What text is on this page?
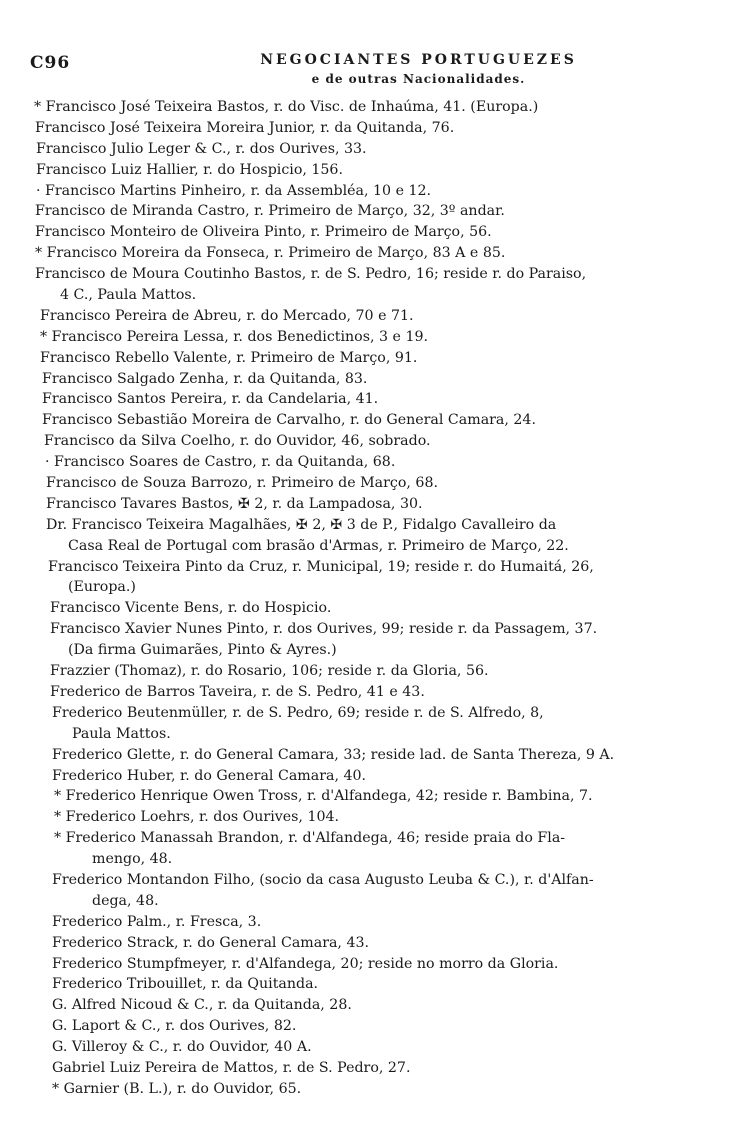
C96	NEGOCIANTES PORTUGUEZES
e de outras Nacionalidades.
* Francisco José Teixeira Bastos, r. do Visc. de Inhaúma, 41. (Europa.)
Francisco José Teixeira Moreira Junior, r. da Quitanda, 76.
Francisco Julio Leger & C., r. dos Ourives, 33.
Francisco Luiz Hallier, r. do Hospicio, 156.
· Francisco Martins Pinheiro, r. da Assembléa, 10 e 12.
Francisco de Miranda Castro, r. Primeiro de Março, 32, 3º andar.
Francisco Monteiro de Oliveira Pinto, r. Primeiro de Março, 56.
* Francisco Moreira da Fonseca, r. Primeiro de Março, 83 A e 85.
Francisco de Moura Coutinho Bastos, r. de S. Pedro, 16; reside r. do Paraiso,
4 C., Paula Mattos.
Francisco Pereira de Abreu, r. do Mercado, 70 e 71.
* Francisco Pereira Lessa, r. dos Benedictinos, 3 e 19.
Francisco Rebello Valente, r. Primeiro de Março, 91.
Francisco Salgado Zenha, r. da Quitanda, 83.
Francisco Santos Pereira, r. da Candelaria, 41.
Francisco Sebastião Moreira de Carvalho, r. do General Camara, 24.
Francisco da Silva Coelho, r. do Ouvidor, 46, sobrado.
· Francisco Soares de Castro, r. da Quitanda, 68.
Francisco de Souza Barrozo, r. Primeiro de Março, 68.
Francisco Tavares Bastos, ✠ 2, r. da Lampadosa, 30.
Dr. Francisco Teixeira Magalhães, ✠ 2, ✠ 3 de P., Fidalgo Cavalleiro da
Casa Real de Portugal com brasão d'Armas, r. Primeiro de Março, 22.
Francisco Teixeira Pinto da Cruz, r. Municipal, 19; reside r. do Humaitá, 26,
(Europa.)
Francisco Vicente Bens, r. do Hospicio.
Francisco Xavier Nunes Pinto, r. dos Ourives, 99; reside r. da Passagem, 37.
(Da firma Guimarães, Pinto & Ayres.)
Frazzier (Thomaz), r. do Rosario, 106; reside r. da Gloria, 56.
Frederico de Barros Taveira, r. de S. Pedro, 41 e 43.
Frederico Beutenmüller, r. de S. Pedro, 69; reside r. de S. Alfredo, 8,
Paula Mattos.
Frederico Glette, r. do General Camara, 33; reside lad. de Santa Thereza, 9 A.
Frederico Huber, r. do General Camara, 40.
* Frederico Henrique Owen Tross, r. d'Alfandega, 42; reside r. Bambina, 7.
* Frederico Loehrs, r. dos Ourives, 104.
* Frederico Manassah Brandon, r. d'Alfandega, 46; reside praia do Fla-
mengo, 48.
Frederico Montandon Filho, (socio da casa Augusto Leuba & C.), r. d'Alfan-
dega, 48.
Frederico Palm., r. Fresca, 3.
Frederico Strack, r. do General Camara, 43.
Frederico Stumpfmeyer, r. d'Alfandega, 20; reside no morro da Gloria.
Frederico Tribouillet, r. da Quitanda.
G. Alfred Nicoud & C., r. da Quitanda, 28.
G. Laport & C., r. dos Ourives, 82.
G. Villeroy & C., r. do Ouvidor, 40 A.
Gabriel Luiz Pereira de Mattos, r. de S. Pedro, 27.
* Garnier (B. L.), r. do Ouvidor, 65.
